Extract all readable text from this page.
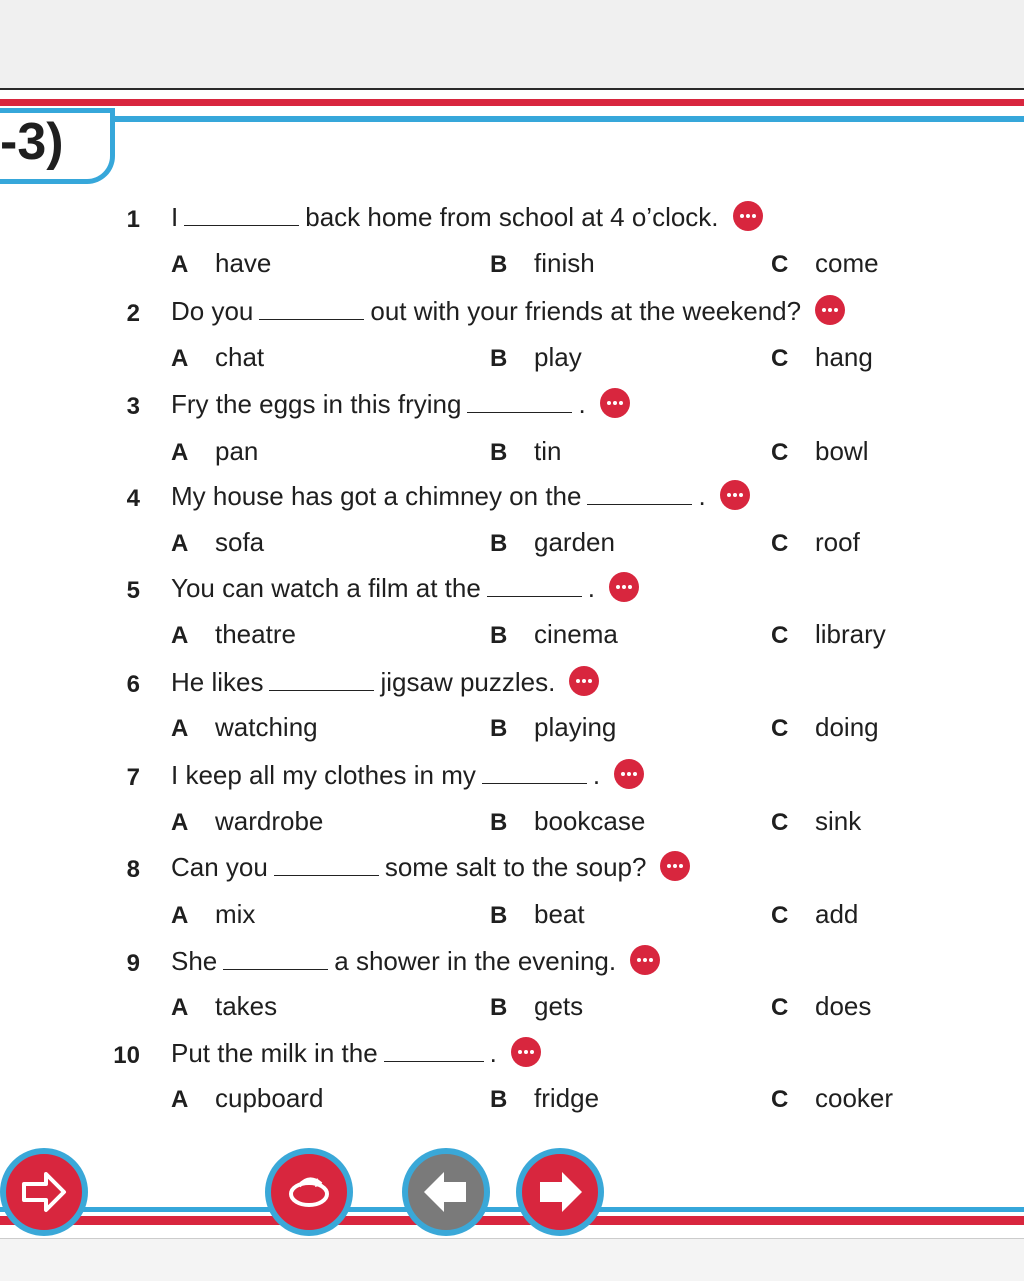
-3)
1 I	back home from school at 4 o’clock.
A have	B finish	C come
2 Do you	out with your friends at the weekend?
A chat	B play	C hang
3 Fry the eggs in this frying	.
A pan	B tin	C bowl
4 My house has got a chimney on the	.
A sofa	B garden	C roof
5 You can watch a film at the	.
A theatre	B cinema	C library
6 He likes	jigsaw puzzles.
A watching	B playing	C doing
7 I keep all my clothes in my	.
A wardrobe	B bookcase	C sink
8 Can you	some salt to the soup?
A mix	B beat	C add
9 She	a shower in the evening.
A takes	B gets	C does
10 Put the milk in the	.
A cupboard	B fridge	C cooker
